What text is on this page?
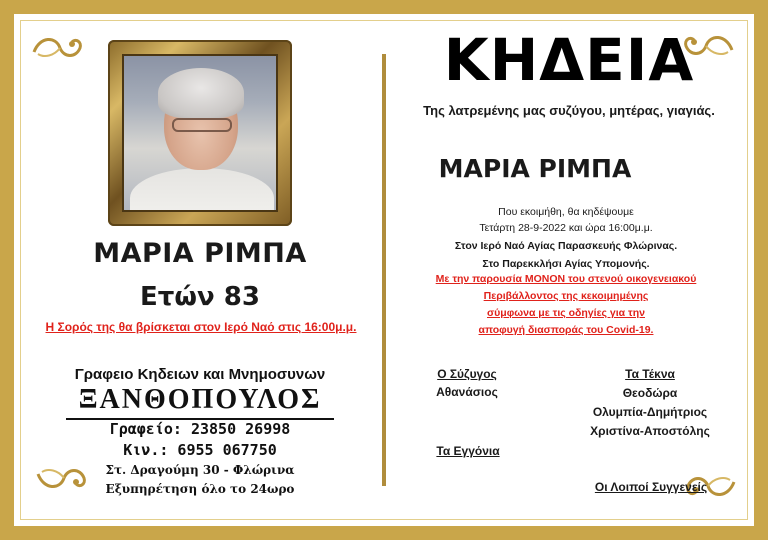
ΜΑΡΙΑ ΡΙΜΠΑ
Ετών 83
Η Σορός της θα βρίσκεται στον Ιερό Ναό στις 16:00μ.μ.
Γραφειο Κηδειων και Μνημοσυνων
ΞΑΝΘΟΠΟΥΛΟΣ
Γραφείο: 23850 26998
Κιν.: 6955 067750
Στ. Δραγούμη 30 - Φλώρινα
Εξυπηρέτηση όλο το 24ωρο
ΚΗΔΕΙΑ
Της λατρεμένης μας συζύγου, μητέρας, γιαγιάς.
ΜΑΡΙΑ ΡΙΜΠΑ
Που εκοιμήθη, θα κηδέψουμε
Τετάρτη 28-9-2022 και ώρα 16:00μ.μ.
Στον Ιερό Ναό Αγίας Παρασκευής Φλώρινας.
Στο Παρεκκλήσι Αγίας Υπομονής.
Με την παρουσία ΜΟΝΟΝ του στενού οικογενειακού
Περιβάλλοντος της κεκοιμημένης
σύμφωνα με τις οδηγίες για την
αποφυγή διασποράς του Covid-19.
Ο Σύζυγος
Αθανάσιος
Τα Τέκνα
Θεοδώρα
Ολυμπία-Δημήτριος
Χριστίνα-Αποστόλης
Τα Εγγόνια
Οι Λοιποί Συγγενείς
